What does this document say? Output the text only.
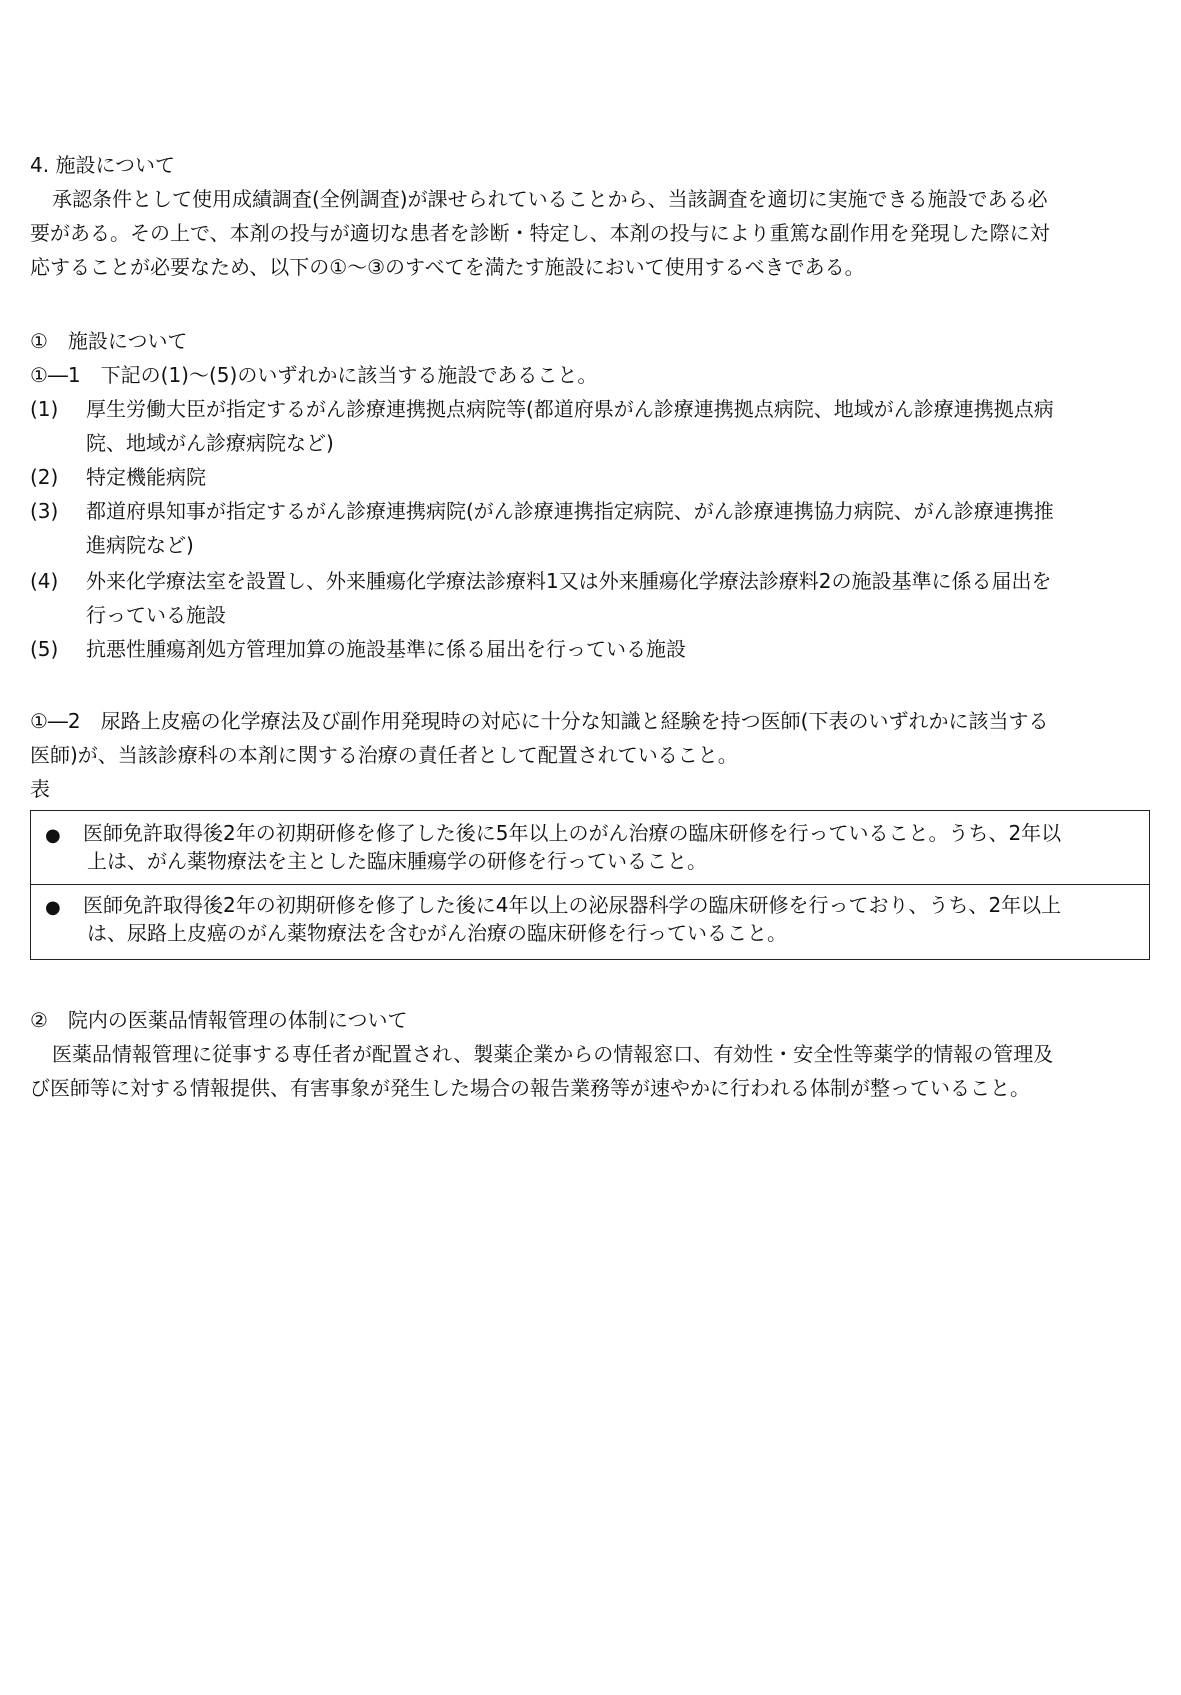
4. 施設について
承認条件として使用成績調査(全例調査)が課せられていることから、当該調査を適切に実施できる施設である必
要がある。その上で、本剤の投与が適切な患者を診断・特定し、本剤の投与により重篤な副作用を発現した際に対
応することが必要なため、以下の①～③のすべてを満たす施設において使用するべきである。
①　施設について
①―1　下記の(1)～(5)のいずれかに該当する施設であること。
(1) 厚生労働大臣が指定するがん診療連携拠点病院等(都道府県がん診療連携拠点病院、地域がん診療連携拠点病
院、地域がん診療病院など)
(2) 特定機能病院
(3) 都道府県知事が指定するがん診療連携病院(がん診療連携指定病院、がん診療連携協力病院、がん診療連携推
進病院など)
(4) 外来化学療法室を設置し、外来腫瘍化学療法診療料1又は外来腫瘍化学療法診療料2の施設基準に係る届出を
行っている施設
(5) 抗悪性腫瘍剤処方管理加算の施設基準に係る届出を行っている施設
①―2　尿路上皮癌の化学療法及び副作用発現時の対応に十分な知識と経験を持つ医師(下表のいずれかに該当する
医師)が、当該診療科の本剤に関する治療の責任者として配置されていること。
表
● 医師免許取得後2年の初期研修を修了した後に5年以上のがん治療の臨床研修を行っていること。うち、2年以
上は、がん薬物療法を主とした臨床腫瘍学の研修を行っていること。
● 医師免許取得後2年の初期研修を修了した後に4年以上の泌尿器科学の臨床研修を行っており、うち、2年以上
は、尿路上皮癌のがん薬物療法を含むがん治療の臨床研修を行っていること。
②　院内の医薬品情報管理の体制について
医薬品情報管理に従事する専任者が配置され、製薬企業からの情報窓口、有効性・安全性等薬学的情報の管理及
び医師等に対する情報提供、有害事象が発生した場合の報告業務等が速やかに行われる体制が整っていること。
